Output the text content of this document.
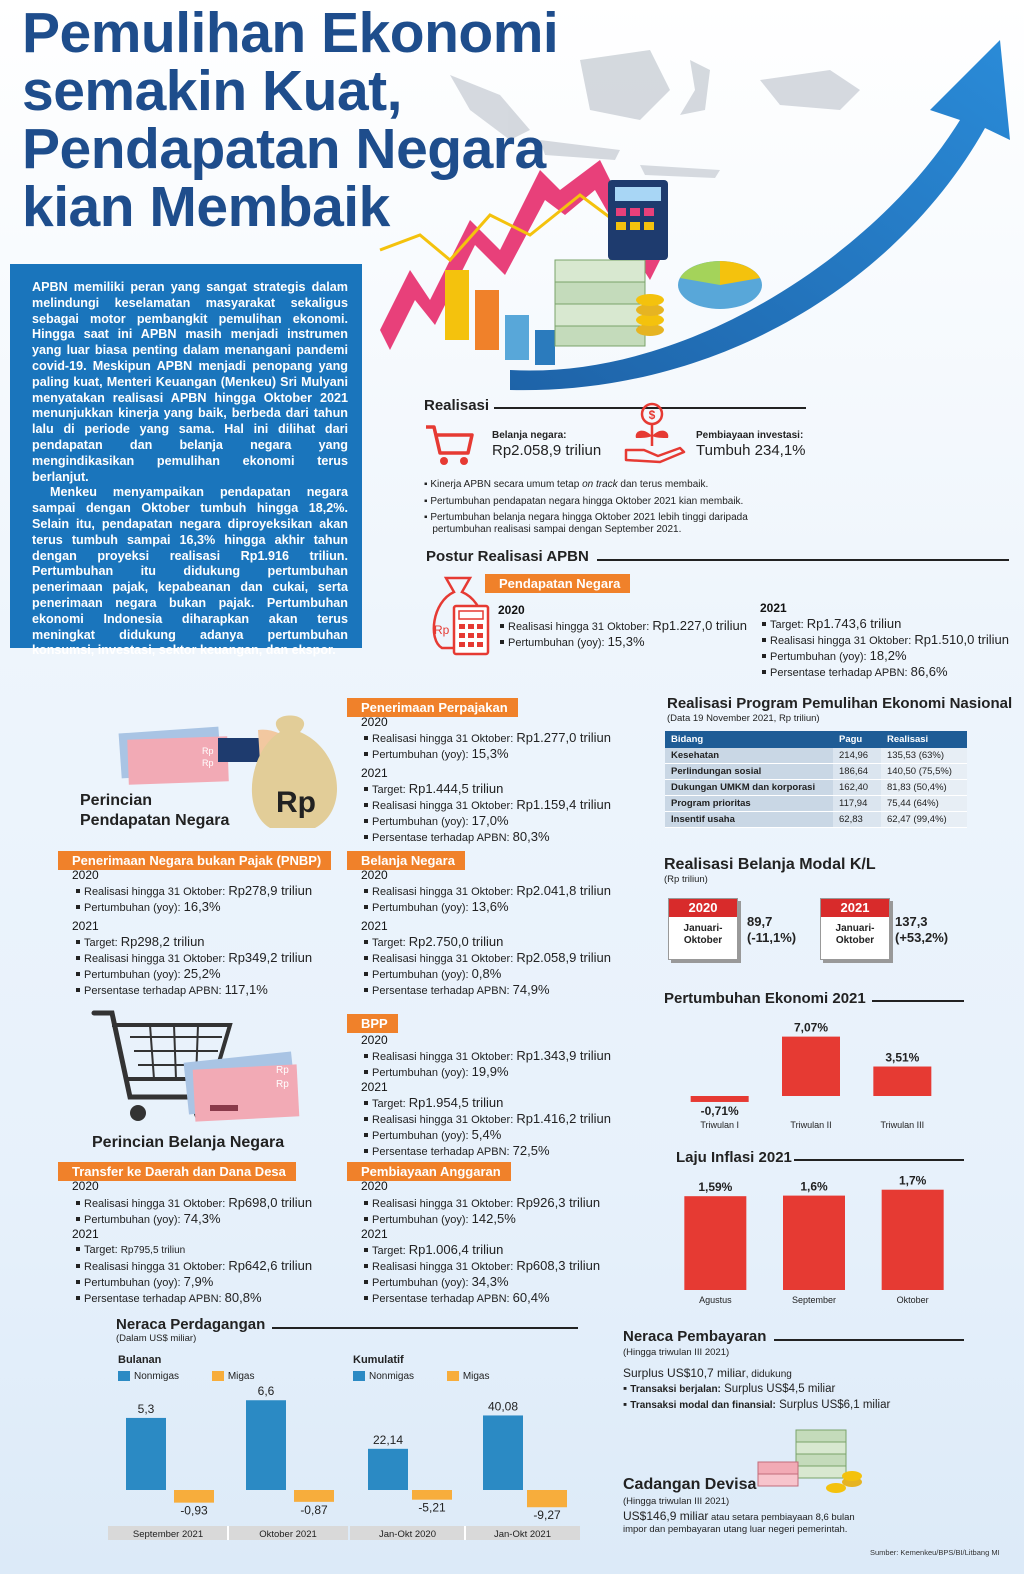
Pemulihan Ekonomi
semakin Kuat,
Pendapatan Negara
kian Membaik

APBN memiliki peran yang sangat strategis dalam melindungi keselamatan masyarakat sekaligus sebagai motor pembangkit pemulihan ekonomi. Hingga saat ini APBN masih menjadi instrumen yang luar biasa penting dalam menangani pandemi covid-19. Meskipun APBN menjadi penopang yang paling kuat, Menteri Keuangan (Menkeu) Sri Mulyani menyatakan realisasi APBN hingga Oktober 2021 menunjukkan kinerja yang baik, berbeda dari tahun lalu di periode yang sama. Hal ini dilihat dari pendapatan dan belanja negara yang mengindikasikan pemulihan ekonomi terus berlanjut.

Menkeu menyampaikan pendapatan negara sampai dengan Oktober tumbuh hingga 18,2%. Selain itu, pendapatan negara diproyeksikan akan terus tumbuh sampai 16,3% hingga akhir tahun dengan proyeksi realisasi Rp1.916 triliun. Pertumbuhan itu didukung pertumbuhan penerimaan pajak, kepabeanan dan cukai, serta penerimaan negara bukan pajak. Pertumbuhan ekonomi Indonesia diharapkan akan terus meningkat didukung adanya pertumbuhan konsumsi, investasi, sektor keuangan, dan ekspor.

Realisasi
Belanja negara:
Rp2.058,9 triliun
$
Pembiayaan investasi:
Tumbuh 234,1%
▪ Kinerja APBN secara umum tetap on track dan terus membaik.
▪ Pertumbuhan pendapatan negara hingga Oktober 2021 kian membaik.
▪ Pertumbuhan belanja negara hingga Oktober 2021 lebih tinggi daripada
pertumbuhan realisasi sampai dengan September 2021.
Postur Realisasi APBN
Rp
Pendapatan Negara
2020
Realisasi hingga 31 Oktober: Rp1.227,0 triliun
Pertumbuhan (yoy): 15,3%
2021
Target: Rp1.743,6 triliun
Realisasi hingga 31 Oktober: Rp1.510,0 triliun
Pertumbuhan (yoy): 18,2%
Persentase terhadap APBN: 86,6%
Rp
Rp
Rp
Perincian
Pendapatan Negara
Penerimaan Perpajakan
2020
Realisasi hingga 31 Oktober: Rp1.277,0 triliun
Pertumbuhan (yoy): 15,3%
2021
Target: Rp1.444,5 triliun
Realisasi hingga 31 Oktober: Rp1.159,4 triliun
Pertumbuhan (yoy): 17,0%
Persentase terhadap APBN: 80,3%
Penerimaan Negara bukan Pajak (PNBP)
2020
Realisasi hingga 31 Oktober: Rp278,9 triliun
Pertumbuhan (yoy): 16,3%
2021
Target: Rp298,2 triliun
Realisasi hingga 31 Oktober: Rp349,2 triliun
Pertumbuhan (yoy): 25,2%
Persentase terhadap APBN: 117,1%
Belanja Negara
2020
Realisasi hingga 31 Oktober: Rp2.041,8 triliun
Pertumbuhan (yoy): 13,6%
2021
Target: Rp2.750,0 triliun
Realisasi hingga 31 Oktober: Rp2.058,9 triliun
Pertumbuhan (yoy): 0,8%
Persentase terhadap APBN: 74,9%
Rp
Rp
Perincian Belanja Negara
BPP
2020
Realisasi hingga 31 Oktober: Rp1.343,9 triliun
Pertumbuhan (yoy): 19,9%
2021
Target: Rp1.954,5 triliun
Realisasi hingga 31 Oktober: Rp1.416,2 triliun
Pertumbuhan (yoy): 5,4%
Persentase terhadap APBN: 72,5%
Transfer ke Daerah dan Dana Desa
2020
Realisasi hingga 31 Oktober: Rp698,0 triliun
Pertumbuhan (yoy): 74,3%
2021
Target: Rp795,5 triliun
Realisasi hingga 31 Oktober: Rp642,6 triliun
Pertumbuhan (yoy): 7,9%
Persentase terhadap APBN: 80,8%
Pembiayaan Anggaran
2020
Realisasi hingga 31 Oktober: Rp926,3 triliun
Pertumbuhan (yoy): 142,5%
2021
Target: Rp1.006,4 triliun
Realisasi hingga 31 Oktober: Rp608,3 triliun
Pertumbuhan (yoy): 34,3%
Persentase terhadap APBN: 60,4%
Realisasi Program Pemulihan Ekonomi Nasional
(Data 19 November 2021, Rp triliun)
Bidang	Pagu	Realisasi
Kesehatan	214,96	135,53 (63%)
Perlindungan sosial	186,64	140,50 (75,5%)
Dukungan UMKM dan korporasi	162,40	81,83 (50,4%)
Program prioritas	117,94	75,44 (64%)
Insentif usaha	62,83	62,47 (99,4%)
Realisasi Belanja Modal K/L
(Rp triliun)
2020
Januari-Oktober
89,7
(-11,1%)
2021
Januari-Oktober
137,3
(+53,2%)
Pertumbuhan Ekonomi 2021
-0,71%
Triwulan I
7,07%
Triwulan II
3,51%
Triwulan III
Laju Inflasi 2021
1,59%
Agustus
1,6%
September
1,7%
Oktober
Neraca Perdagangan
(Dalam US$ miliar)
Bulanan
Nonmigas	Migas
September 2021
5,3
-0,93
Oktober 2021
6,6
-0,87
Kumulatif
Nonmigas	Migas
Jan-Okt 2020
22,14
-5,21
Jan-Okt 2021
40,08
-9,27
Neraca Pembayaran
(Hingga triwulan III 2021)
Surplus US$10,7 miliar, didukung
▪ Transaksi berjalan: Surplus US$4,5 miliar
▪ Transaksi modal dan finansial: Surplus US$6,1 miliar
Cadangan Devisa
(Hingga triwulan III 2021)
US$146,9 miliar atau setara pembiayaan 8,6 bulan
impor dan pembayaran utang luar negeri pemerintah.
Sumber: Kemenkeu/BPS/BI/Litbang MI
